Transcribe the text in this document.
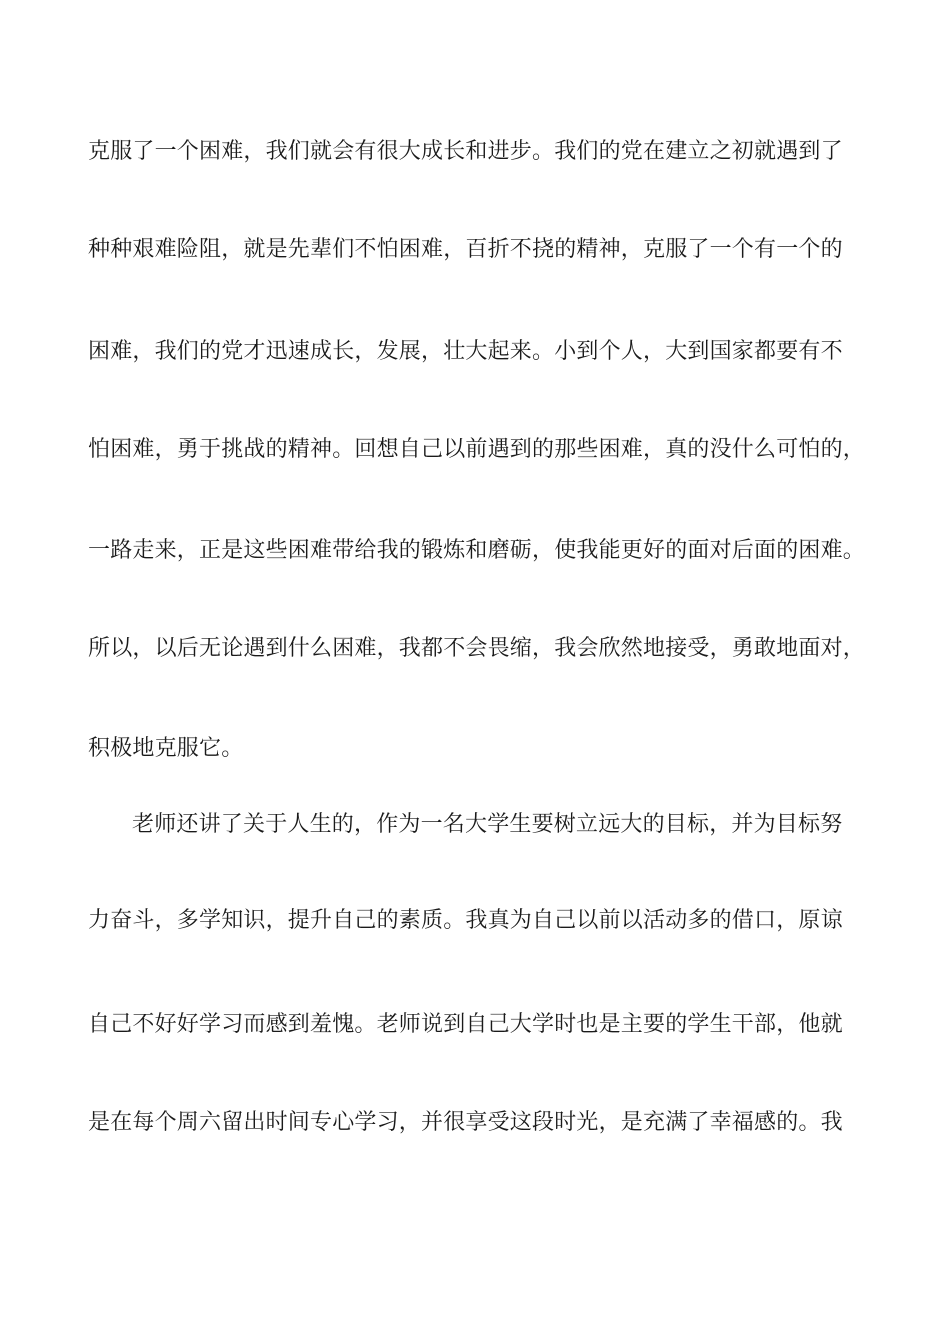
克服了一个困难，我们就会有很大成长和进步。我们的党在建立之初就遇到了
种种艰难险阻，就是先辈们不怕困难，百折不挠的精神，克服了一个有一个的
困难，我们的党才迅速成长，发展，壮大起来。小到个人，大到国家都要有不
怕困难，勇于挑战的精神。回想自己以前遇到的那些困难，真的没什么可怕的，
一路走来，正是这些困难带给我的锻炼和磨砺，使我能更好的面对后面的困难。
所以，以后无论遇到什么困难，我都不会畏缩，我会欣然地接受，勇敢地面对，
积极地克服它。
老师还讲了关于人生的，作为一名大学生要树立远大的目标，并为目标努
力奋斗，多学知识，提升自己的素质。我真为自己以前以活动多的借口，原谅
自己不好好学习而感到羞愧。老师说到自己大学时也是主要的学生干部，他就
是在每个周六留出时间专心学习，并很享受这段时光，是充满了幸福感的。我
